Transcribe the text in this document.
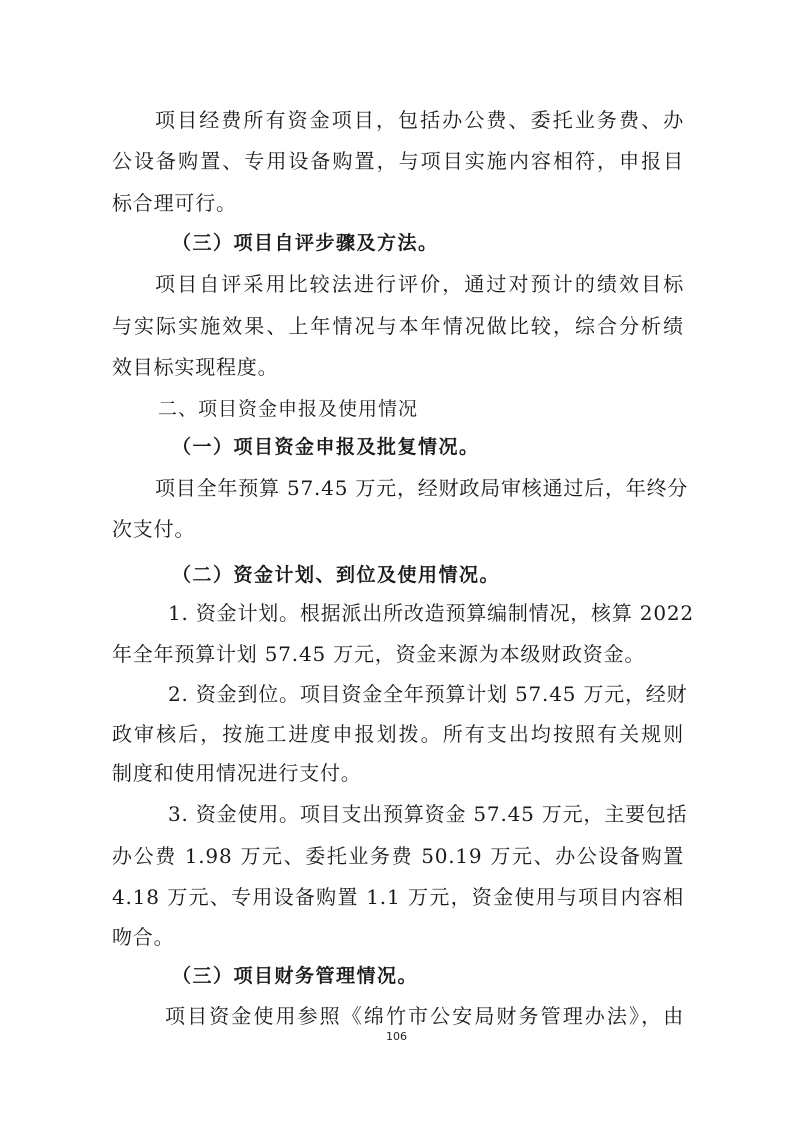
项目经费所有资金项目，包括办公费、委托业务费、办
公设备购置、专用设备购置，与项目实施内容相符，申报目
标合理可行。
（三）项目自评步骤及方法。
项目自评采用比较法进行评价，通过对预计的绩效目标
与实际实施效果、上年情况与本年情况做比较，综合分析绩
效目标实现程度。
二、项目资金申报及使用情况
（一）项目资金申报及批复情况。
项目全年预算 57.45 万元，经财政局审核通过后，年终分
次支付。
（二）资金计划、到位及使用情况。
1. 资金计划。根据派出所改造预算编制情况，核算 2022
年全年预算计划 57.45 万元，资金来源为本级财政资金。
2. 资金到位。项目资金全年预算计划 57.45 万元，经财
政审核后，按施工进度申报划拨。所有支出均按照有关规则
制度和使用情况进行支付。
3. 资金使用。项目支出预算资金 57.45 万元，主要包括
办公费 1.98 万元、委托业务费 50.19 万元、办公设备购置
4.18 万元、专用设备购置 1.1 万元，资金使用与项目内容相
吻合。
（三）项目财务管理情况。
项目资金使用参照《绵竹市公安局财务管理办法》，由
106
